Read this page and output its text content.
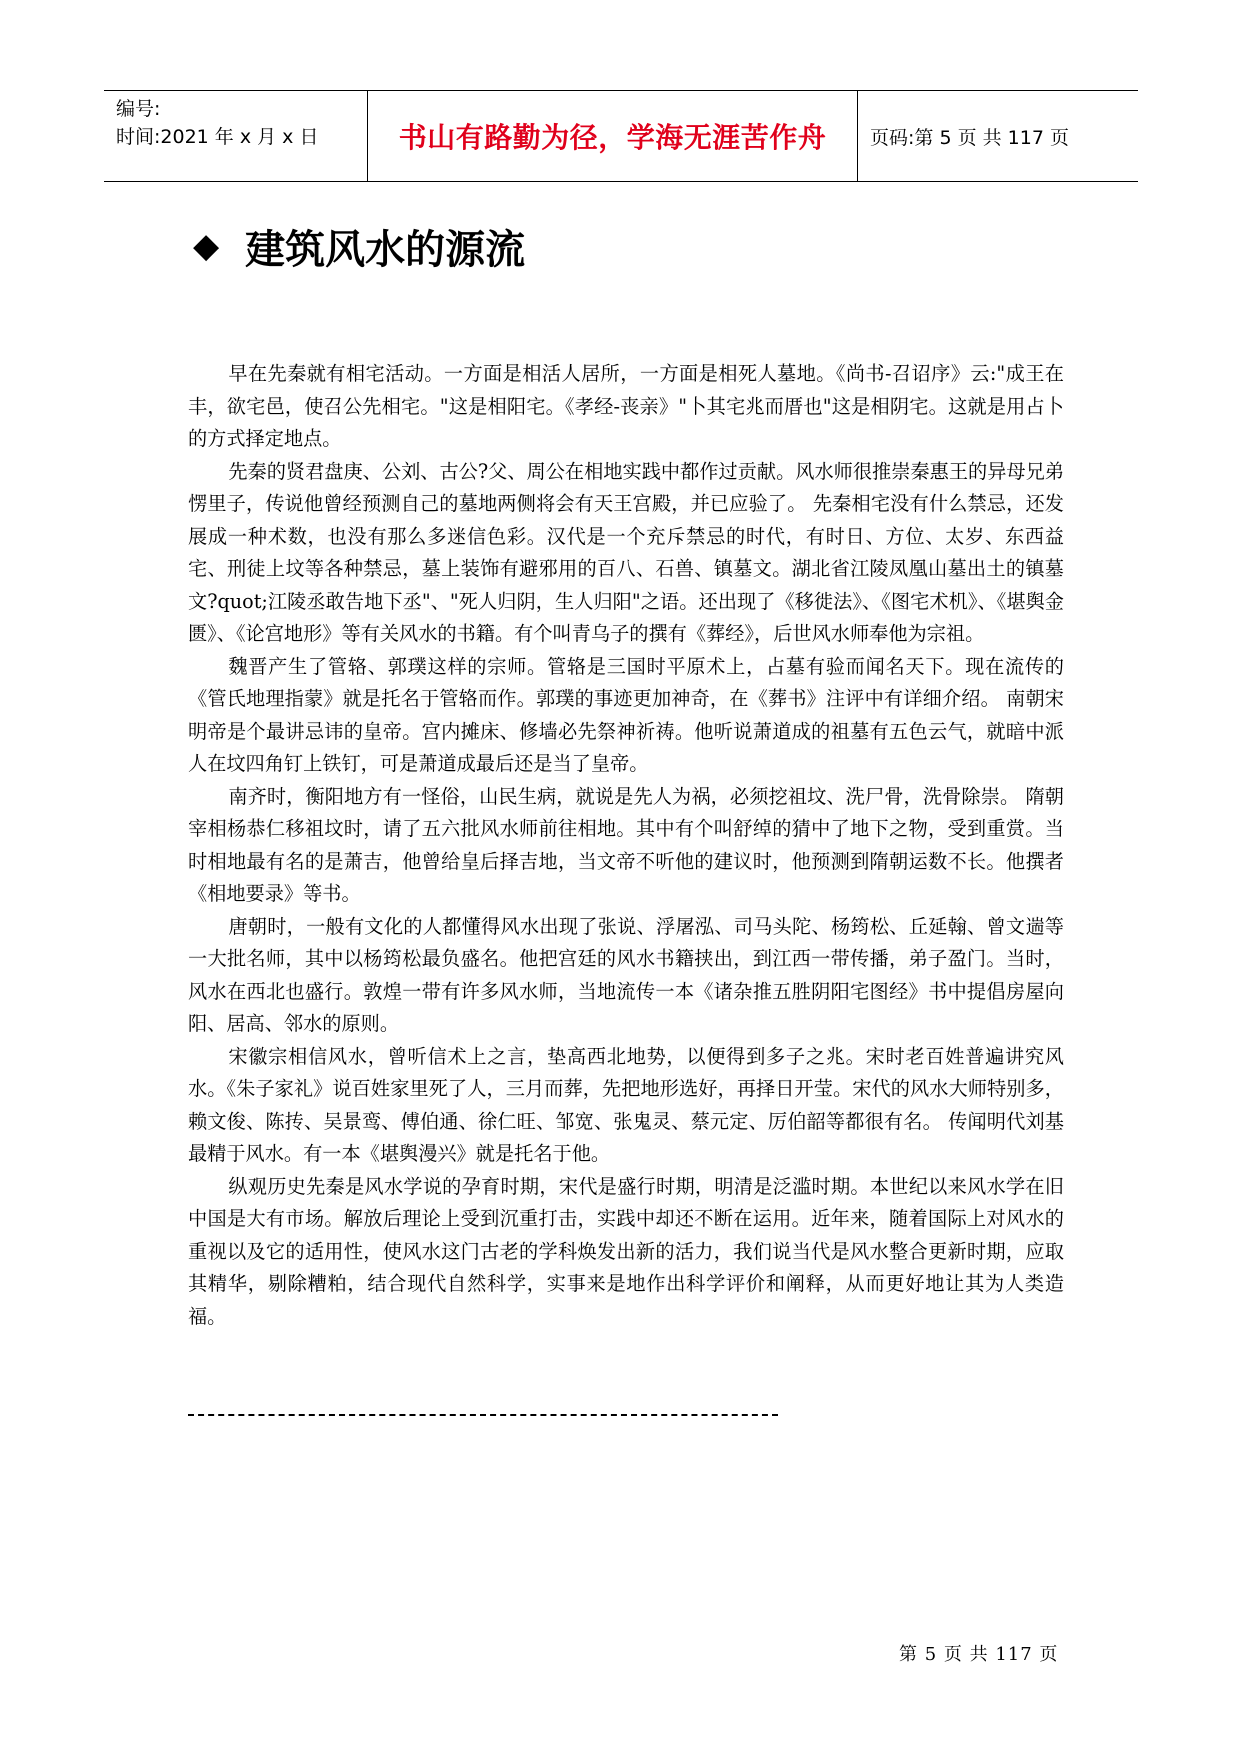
编号:
时间:2021 年 x 月 x 日	书山有路勤为径，学海无涯苦作舟	页码:第 5 页 共 117 页
◆ 建筑风水的源流

早在先秦就有相宅活动。一方面是相活人居所，一方面是相死人墓地。《尚书-召诏序》云:"成王在丰，欲宅邑，使召公先相宅。"这是相阳宅。《孝经-丧亲》"卜其宅兆而厝也"这是相阴宅。这就是用占卜的方式择定地点。

先秦的贤君盘庚、公刘、古公?父、周公在相地实践中都作过贡献。风水师很推崇秦惠王的异母兄弟愣里子，传说他曾经预测自己的墓地两侧将会有天王宫殿，并已应验了。 先秦相宅没有什么禁忌，还发展成一种术数，也没有那么多迷信色彩。汉代是一个充斥禁忌的时代，有时日、方位、太岁、东西益宅、刑徒上坟等各种禁忌，墓上装饰有避邪用的百八、石兽、镇墓文。湖北省江陵凤凰山墓出土的镇墓文?quot;江陵丞敢告地下丞"、"死人归阴，生人归阳"之语。还出现了《移徙法》、《图宅术机》、《堪舆金匮》、《论宫地形》等有关风水的书籍。有个叫青乌子的撰有《葬经》，后世风水师奉他为宗祖。

魏晋产生了管辂、郭璞这样的宗师。管辂是三国时平原术上，占墓有验而闻名天下。现在流传的《管氏地理指蒙》就是托名于管辂而作。郭璞的事迹更加神奇，在《葬书》注评中有详细介绍。 南朝宋明帝是个最讲忌讳的皇帝。宫内摊床、修墙必先祭神祈祷。他听说萧道成的祖墓有五色云气，就暗中派人在坟四角钉上铁钉，可是萧道成最后还是当了皇帝。

南齐时，衡阳地方有一怪俗，山民生病，就说是先人为祸，必须挖祖坟、洗尸骨，洗骨除崇。 隋朝宰相杨恭仁移祖坟时，请了五六批风水师前往相地。其中有个叫舒绰的猜中了地下之物，受到重赏。当时相地最有名的是萧吉，他曾给皇后择吉地，当文帝不听他的建议时，他预测到隋朝运数不长。他撰者《相地要录》等书。

唐朝时，一般有文化的人都懂得风水出现了张说、浮屠泓、司马头陀、杨筠松、丘延翰、曾文遄等一大批名师，其中以杨筠松最负盛名。他把宫廷的风水书籍挟出，到江西一带传播，弟子盈门。当时，风水在西北也盛行。敦煌一带有许多风水师，当地流传一本《诸杂推五胜阴阳宅图经》书中提倡房屋向阳、居高、邻水的原则。

宋徽宗相信风水，曾听信术上之言，垫高西北地势，以便得到多子之兆。宋时老百姓普遍讲究风水。《朱子家礼》说百姓家里死了人，三月而葬，先把地形选好，再择日开莹。宋代的风水大师特别多，赖文俊、陈抟、吴景鸾、傅伯通、徐仁旺、邹宽、张鬼灵、蔡元定、厉伯韶等都很有名。 传闻明代刘基最精于风水。有一本《堪舆漫兴》就是托名于他。

纵观历史先秦是风水学说的孕育时期，宋代是盛行时期，明清是泛滥时期。本世纪以来风水学在旧中国是大有市场。解放后理论上受到沉重打击，实践中却还不断在运用。近年来，随着国际上对风水的重视以及它的适用性，使风水这门古老的学科焕发出新的活力，我们说当代是风水整合更新时期，应取其精华，剔除糟粕，结合现代自然科学，实事来是地作出科学评价和阐释，从而更好地让其为人类造福。

第 5 页 共 117 页
